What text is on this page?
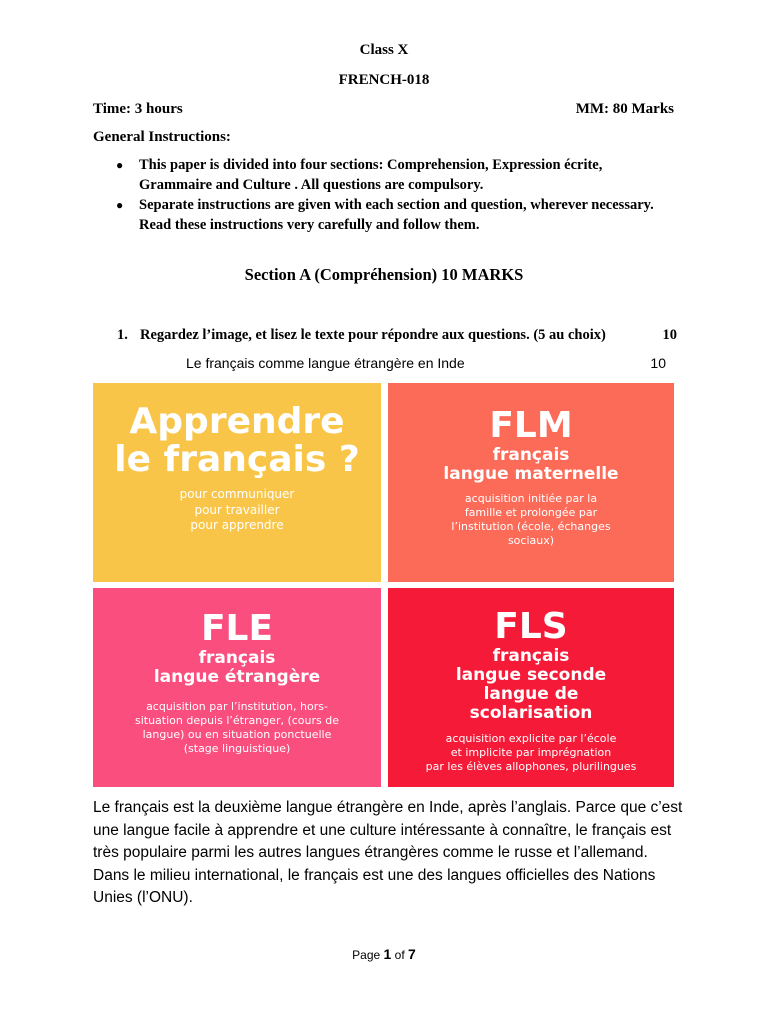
Class X
FRENCH-018
Time: 3 hours	MM: 80 Marks
General Instructions:
● This paper is divided into four sections: Comprehension, Expression écrite, Grammaire and Culture . All questions are compulsory.
● Separate instructions are given with each section and question, wherever necessary. Read these instructions very carefully and follow them.
Section A (Compréhension) 10 MARKS
1. Regardez l’image, et lisez le texte pour répondre aux questions. (5 au choix)	10
Le français comme langue étrangère en Inde	10
Apprendre
le français ?
pour communiquer
pour travailler
pour apprendre
FLM
français
langue maternelle
acquisition initiée par la
famille et prolongée par
l’institution (école, échanges
sociaux)
FLE
français
langue étrangère
acquisition par l’institution, hors-
situation depuis l’étranger, (cours de
langue) ou en situation ponctuelle
(stage linguistique)
FLS
français
langue seconde
langue de
scolarisation
acquisition explicite par l’école
et implicite par imprégnation
par les élèves allophones, plurilingues

Le français est la deuxième langue étrangère en Inde, après l’anglais. Parce que c’est une langue facile à apprendre et une culture intéressante à connaître, le français est très populaire parmi les autres langues étrangères comme le russe et l’allemand. Dans le milieu international, le français est une des langues officielles des Nations Unies (l’ONU).

Page 1 of 7
